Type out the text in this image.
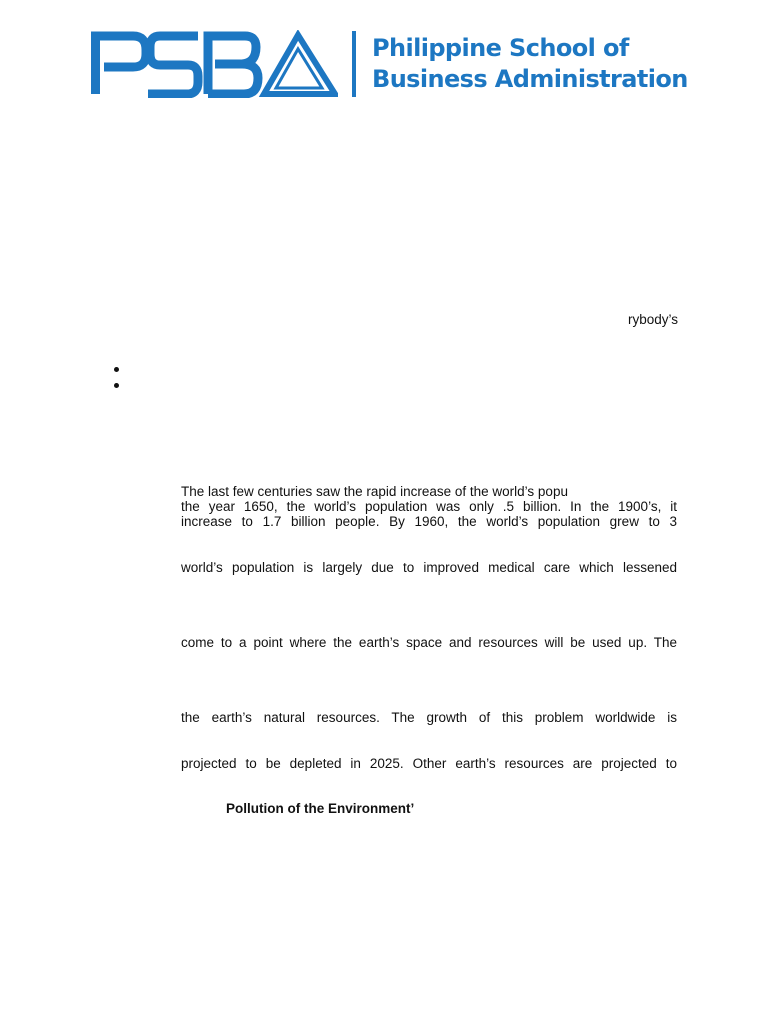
Philippine School of
Business Administration
rybody’s
The last few centuries saw the rapid increase of the world’s popu
the year 1650, the world’s population was only .5 billion. In the 1900’s, it
increase to 1.7 billion people. By 1960, the world’s population grew to 3
world’s population is largely due to improved medical care which lessened
come to a point where the earth’s space and resources will be used up. The
the earth’s natural resources. The growth of this problem worldwide is
projected to be depleted in 2025. Other earth’s resources are projected to
Pollution of the Environment’
